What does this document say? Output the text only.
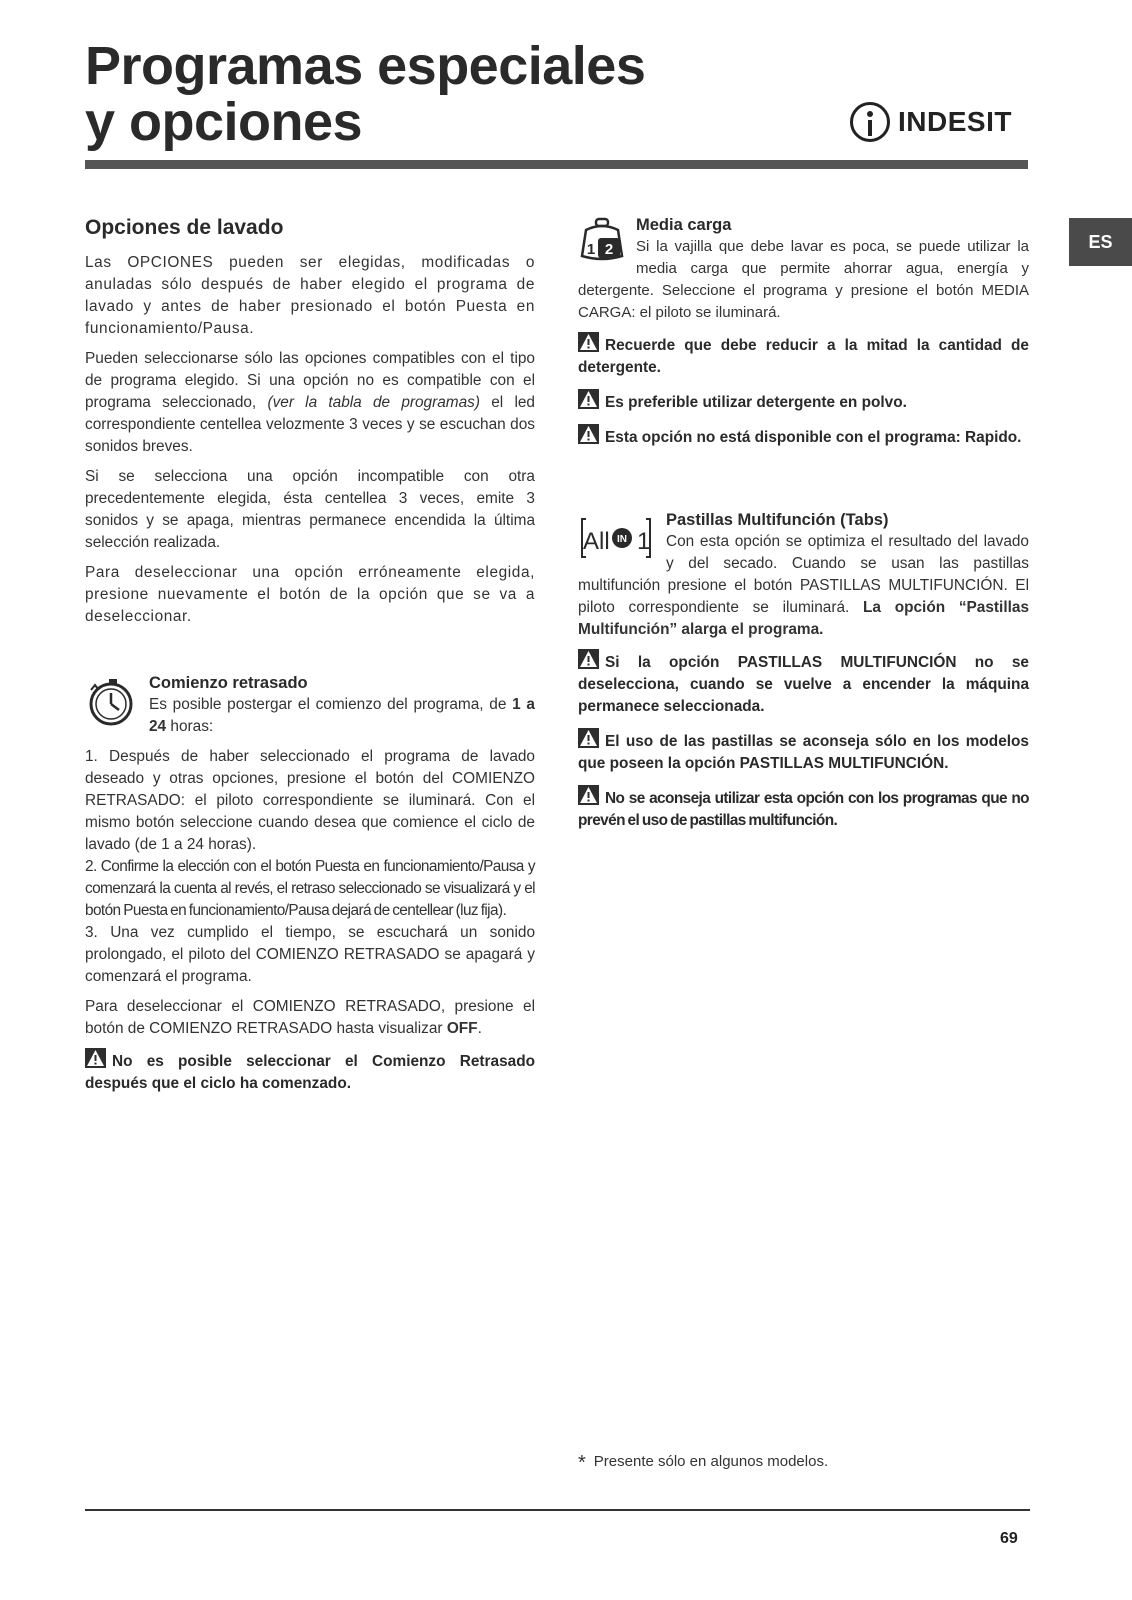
Programas especiales
y opciones	INDESIT
ES
Opciones de lavado

Las OPCIONES pueden ser elegidas, modificadas o anuladas sólo después de haber elegido el programa de lavado y antes de haber presionado el botón Puesta en funcionamiento/Pausa.

Pueden seleccionarse sólo las opciones compatibles con el tipo de programa elegido. Si una opción no es compatible con el programa seleccionado, (ver la tabla de programas) el led correspondiente centellea velozmente 3 veces y se escuchan dos sonidos breves.

Si se selecciona una opción incompatible con otra precedentemente elegida, ésta centellea 3 veces, emite 3 sonidos y se apaga, mientras permanece encendida la última selección realizada.

Para deseleccionar una opción erróneamente elegida, presione nuevamente el botón de la opción que se va a deseleccionar.

Comienzo retrasado

Es posible postergar el comienzo del programa, de 1 a 24 horas:

1. Después de haber seleccionado el programa de lavado deseado y otras opciones, presione el botón del COMIENZO RETRASADO: el piloto correspondiente se iluminará. Con el mismo botón seleccione cuando desea que comience el ciclo de lavado (de 1 a 24 horas).

2. Confirme la elección con el botón Puesta en funcionamiento/Pausa y comenzará la cuenta al revés, el retraso seleccionado se visualizará y el botón Puesta en funcionamiento/Pausa dejará de centellear (luz fija).

3. Una vez cumplido el tiempo, se escuchará un sonido prolongado, el piloto del COMIENZO RETRASADO se apagará y comenzará el programa.

Para deseleccionar el COMIENZO RETRASADO, presione el botón de COMIENZO RETRASADO hasta visualizar OFF.

No es posible seleccionar el Comienzo Retrasado después que el ciclo ha comenzado.

2
1
Media carga

Si la vajilla que debe lavar es poca, se puede utilizar la media carga que permite ahorrar agua, energía y detergente. Seleccione el programa y presione el botón MEDIA CARGA: el piloto se iluminará.

Recuerde que debe reducir a la mitad la cantidad de detergente.

Es preferible utilizar detergente en polvo.

Esta opción no está disponible con el programa: Rapido.

All IN 1
Pastillas Multifunción (Tabs)

Con esta opción se optimiza el resultado del lavado y del secado. Cuando se usan las pastillas multifunción presione el botón PASTILLAS MULTIFUNCIÓN. El piloto correspondiente se iluminará. La opción “Pastillas Multifunción” alarga el programa.

Si la opción PASTILLAS MULTIFUNCIÓN no se deselecciona, cuando se vuelve a encender la máquina permanece seleccionada.

El uso de las pastillas se aconseja sólo en los modelos que poseen la opción PASTILLAS MULTIFUNCIÓN.

No se aconseja utilizar esta opción con los programas que no prevén el uso de pastillas multifunción.

* Presente sólo en algunos modelos.
69
